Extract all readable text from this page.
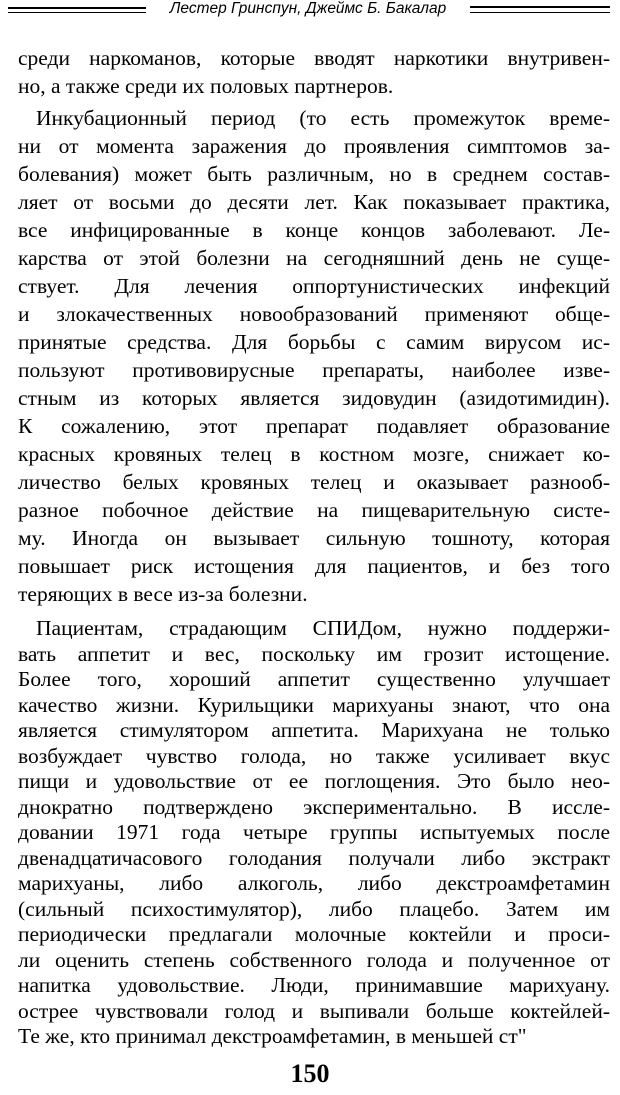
Лестер Гринспун, Джеймс Б. Бакалар
среди наркоманов, которые вводят наркотики внутривен-
но, а также среди их половых партнеров.
Инкубационный период (то есть промежуток време-
ни от момента заражения до проявления симптомов за-
болевания) может быть различным, но в среднем состав-
ляет от восьми до десяти лет. Как показывает практика,
все инфицированные в конце концов заболевают. Ле-
карства от этой болезни на сегодняшний день не суще-
ствует. Для лечения оппортунистических инфекций
и злокачественных новообразований применяют обще-
принятые средства. Для борьбы с самим вирусом ис-
пользуют противовирусные препараты, наиболее изве-
стным из которых является зидовудин (азидотимидин).
К сожалению, этот препарат подавляет образование
красных кровяных телец в костном мозге, снижает ко-
личество белых кровяных телец и оказывает разнооб-
разное побочное действие на пищеварительную систе-
му. Иногда он вызывает сильную тошноту, которая
повышает риск истощения для пациентов, и без того
теряющих в весе из-за болезни.
Пациентам, страдающим СПИДом, нужно поддержи-
вать аппетит и вес, поскольку им грозит истощение.
Более того, хороший аппетит существенно улучшает
качество жизни. Курильщики марихуаны знают, что она
является стимулятором аппетита. Марихуана не только
возбуждает чувство голода, но также усиливает вкус
пищи и удовольствие от ее поглощения. Это было нео-
днократно подтверждено экспериментально. В иссле-
довании 1971 года четыре группы испытуемых после
двенадцатичасового голодания получали либо экстракт
марихуаны, либо алкоголь, либо декстроамфетамин
(сильный психостимулятор), либо плацебо. Затем им
периодически предлагали молочные коктейли и проси-
ли оценить степень собственного голода и полученное от
напитка удовольствие. Люди, принимавшие марихуану.
острее чувствовали голод и выпивали больше коктейлей-
Те же, кто принимал декстроамфетамин, в меньшей ст"
150
